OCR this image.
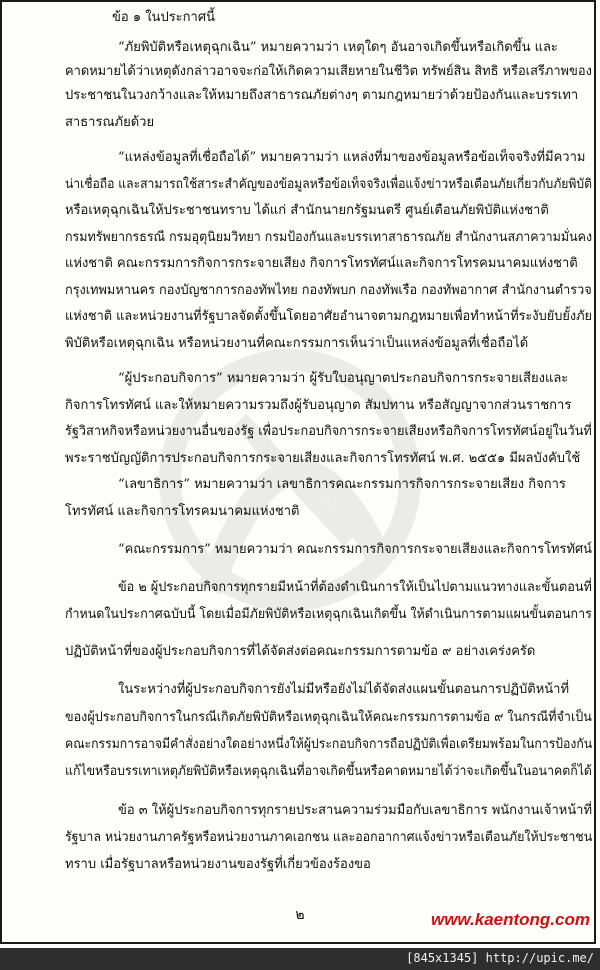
ข้อ ๑ ในประกาศนี้
“ภัยพิบัติหรือเหตุฉุกเฉิน” หมายความว่า เหตุใดๆ อันอาจเกิดขึ้นหรือเกิดขึ้น และ
คาดหมายได้ว่าเหตุดังกล่าวอาจจะก่อให้เกิดความเสียหายในชีวิต ทรัพย์สิน สิทธิ หรือเสรีภาพของ
ประชาชนในวงกว้างและให้หมายถึงสาธารณภัยต่างๆ ตามกฎหมายว่าด้วยป้องกันและบรรเทา
สาธารณภัยด้วย
“แหล่งข้อมูลที่เชื่อถือได้” หมายความว่า แหล่งที่มาของข้อมูลหรือข้อเท็จจริงที่มีความ
น่าเชื่อถือ และสามารถใช้สาระสำคัญของข้อมูลหรือข้อเท็จจริงเพื่อแจ้งข่าวหรือเตือนภัยเกี่ยวกับภัยพิบัติ
หรือเหตุฉุกเฉินให้ประชาชนทราบ ได้แก่ สำนักนายกรัฐมนตรี ศูนย์เตือนภัยพิบัติแห่งชาติ
กรมทรัพยากรธรณี กรมอุตุนิยมวิทยา กรมป้องกันและบรรเทาสาธารณภัย สำนักงานสภาความมั่นคง
แห่งชาติ คณะกรรมการกิจการกระจายเสียง กิจการโทรทัศน์และกิจการโทรคมนาคมแห่งชาติ
กรุงเทพมหานคร กองบัญชาการกองทัพไทย กองทัพบก กองทัพเรือ กองทัพอากาศ สำนักงานตำรวจ
แห่งชาติ และหน่วยงานที่รัฐบาลจัดตั้งขึ้นโดยอาศัยอำนาจตามกฎหมายเพื่อทำหน้าที่ระงับยับยั้งภัย
พิบัติหรือเหตุฉุกเฉิน หรือหน่วยงานที่คณะกรรมการเห็นว่าเป็นแหล่งข้อมูลที่เชื่อถือได้
“ผู้ประกอบกิจการ” หมายความว่า ผู้รับใบอนุญาตประกอบกิจการกระจายเสียงและ
กิจการโทรทัศน์ และให้หมายความรวมถึงผู้รับอนุญาต สัมปทาน หรือสัญญาจากส่วนราชการ
รัฐวิสาหกิจหรือหน่วยงานอื่นของรัฐ เพื่อประกอบกิจการกระจายเสียงหรือกิจการโทรทัศน์อยู่ในวันที่
พระราชบัญญัติการประกอบกิจการกระจายเสียงและกิจการโทรทัศน์ พ.ศ. ๒๕๕๑ มีผลบังคับใช้
“เลขาธิการ” หมายความว่า เลขาธิการคณะกรรมการกิจการกระจายเสียง กิจการ
โทรทัศน์ และกิจการโทรคมนาคมแห่งชาติ
“คณะกรรมการ” หมายความว่า คณะกรรมการกิจการกระจายเสียงและกิจการโทรทัศน์
ข้อ ๒ ผู้ประกอบกิจการทุกรายมีหน้าที่ต้องดำเนินการให้เป็นไปตามแนวทางและขั้นตอนที่
กำหนดในประกาศฉบับนี้ โดยเมื่อมีภัยพิบัติหรือเหตุฉุกเฉินเกิดขึ้น ให้ดำเนินการตามแผนขั้นตอนการ
ปฏิบัติหน้าที่ของผู้ประกอบกิจการที่ได้จัดส่งต่อคณะกรรมการตามข้อ ๙ อย่างเคร่งครัด
ในระหว่างที่ผู้ประกอบกิจการยังไม่มีหรือยังไม่ได้จัดส่งแผนขั้นตอนการปฏิบัติหน้าที่
ของผู้ประกอบกิจการในกรณีเกิดภัยพิบัติหรือเหตุฉุกเฉินให้คณะกรรมการตามข้อ ๙ ในกรณีที่จำเป็น
คณะกรรมการอาจมีคำสั่งอย่างใดอย่างหนึ่งให้ผู้ประกอบกิจการถือปฏิบัติเพื่อเตรียมพร้อมในการป้องกัน
แก้ไขหรือบรรเทาเหตุภัยพิบัติหรือเหตุฉุกเฉินที่อาจเกิดขึ้นหรือคาดหมายได้ว่าจะเกิดขึ้นในอนาคตก็ได้
ข้อ ๓ ให้ผู้ประกอบกิจการทุกรายประสานความร่วมมือกับเลขาธิการ พนักงานเจ้าหน้าที่
รัฐบาล หน่วยงานภาครัฐหรือหน่วยงานภาคเอกชน และออกอากาศแจ้งข่าวหรือเตือนภัยให้ประชาชน
ทราบ เมื่อรัฐบาลหรือหน่วยงานของรัฐที่เกี่ยวข้องร้องขอ
๒	www.kaentong.com
[845x1345] http://upic.me/
